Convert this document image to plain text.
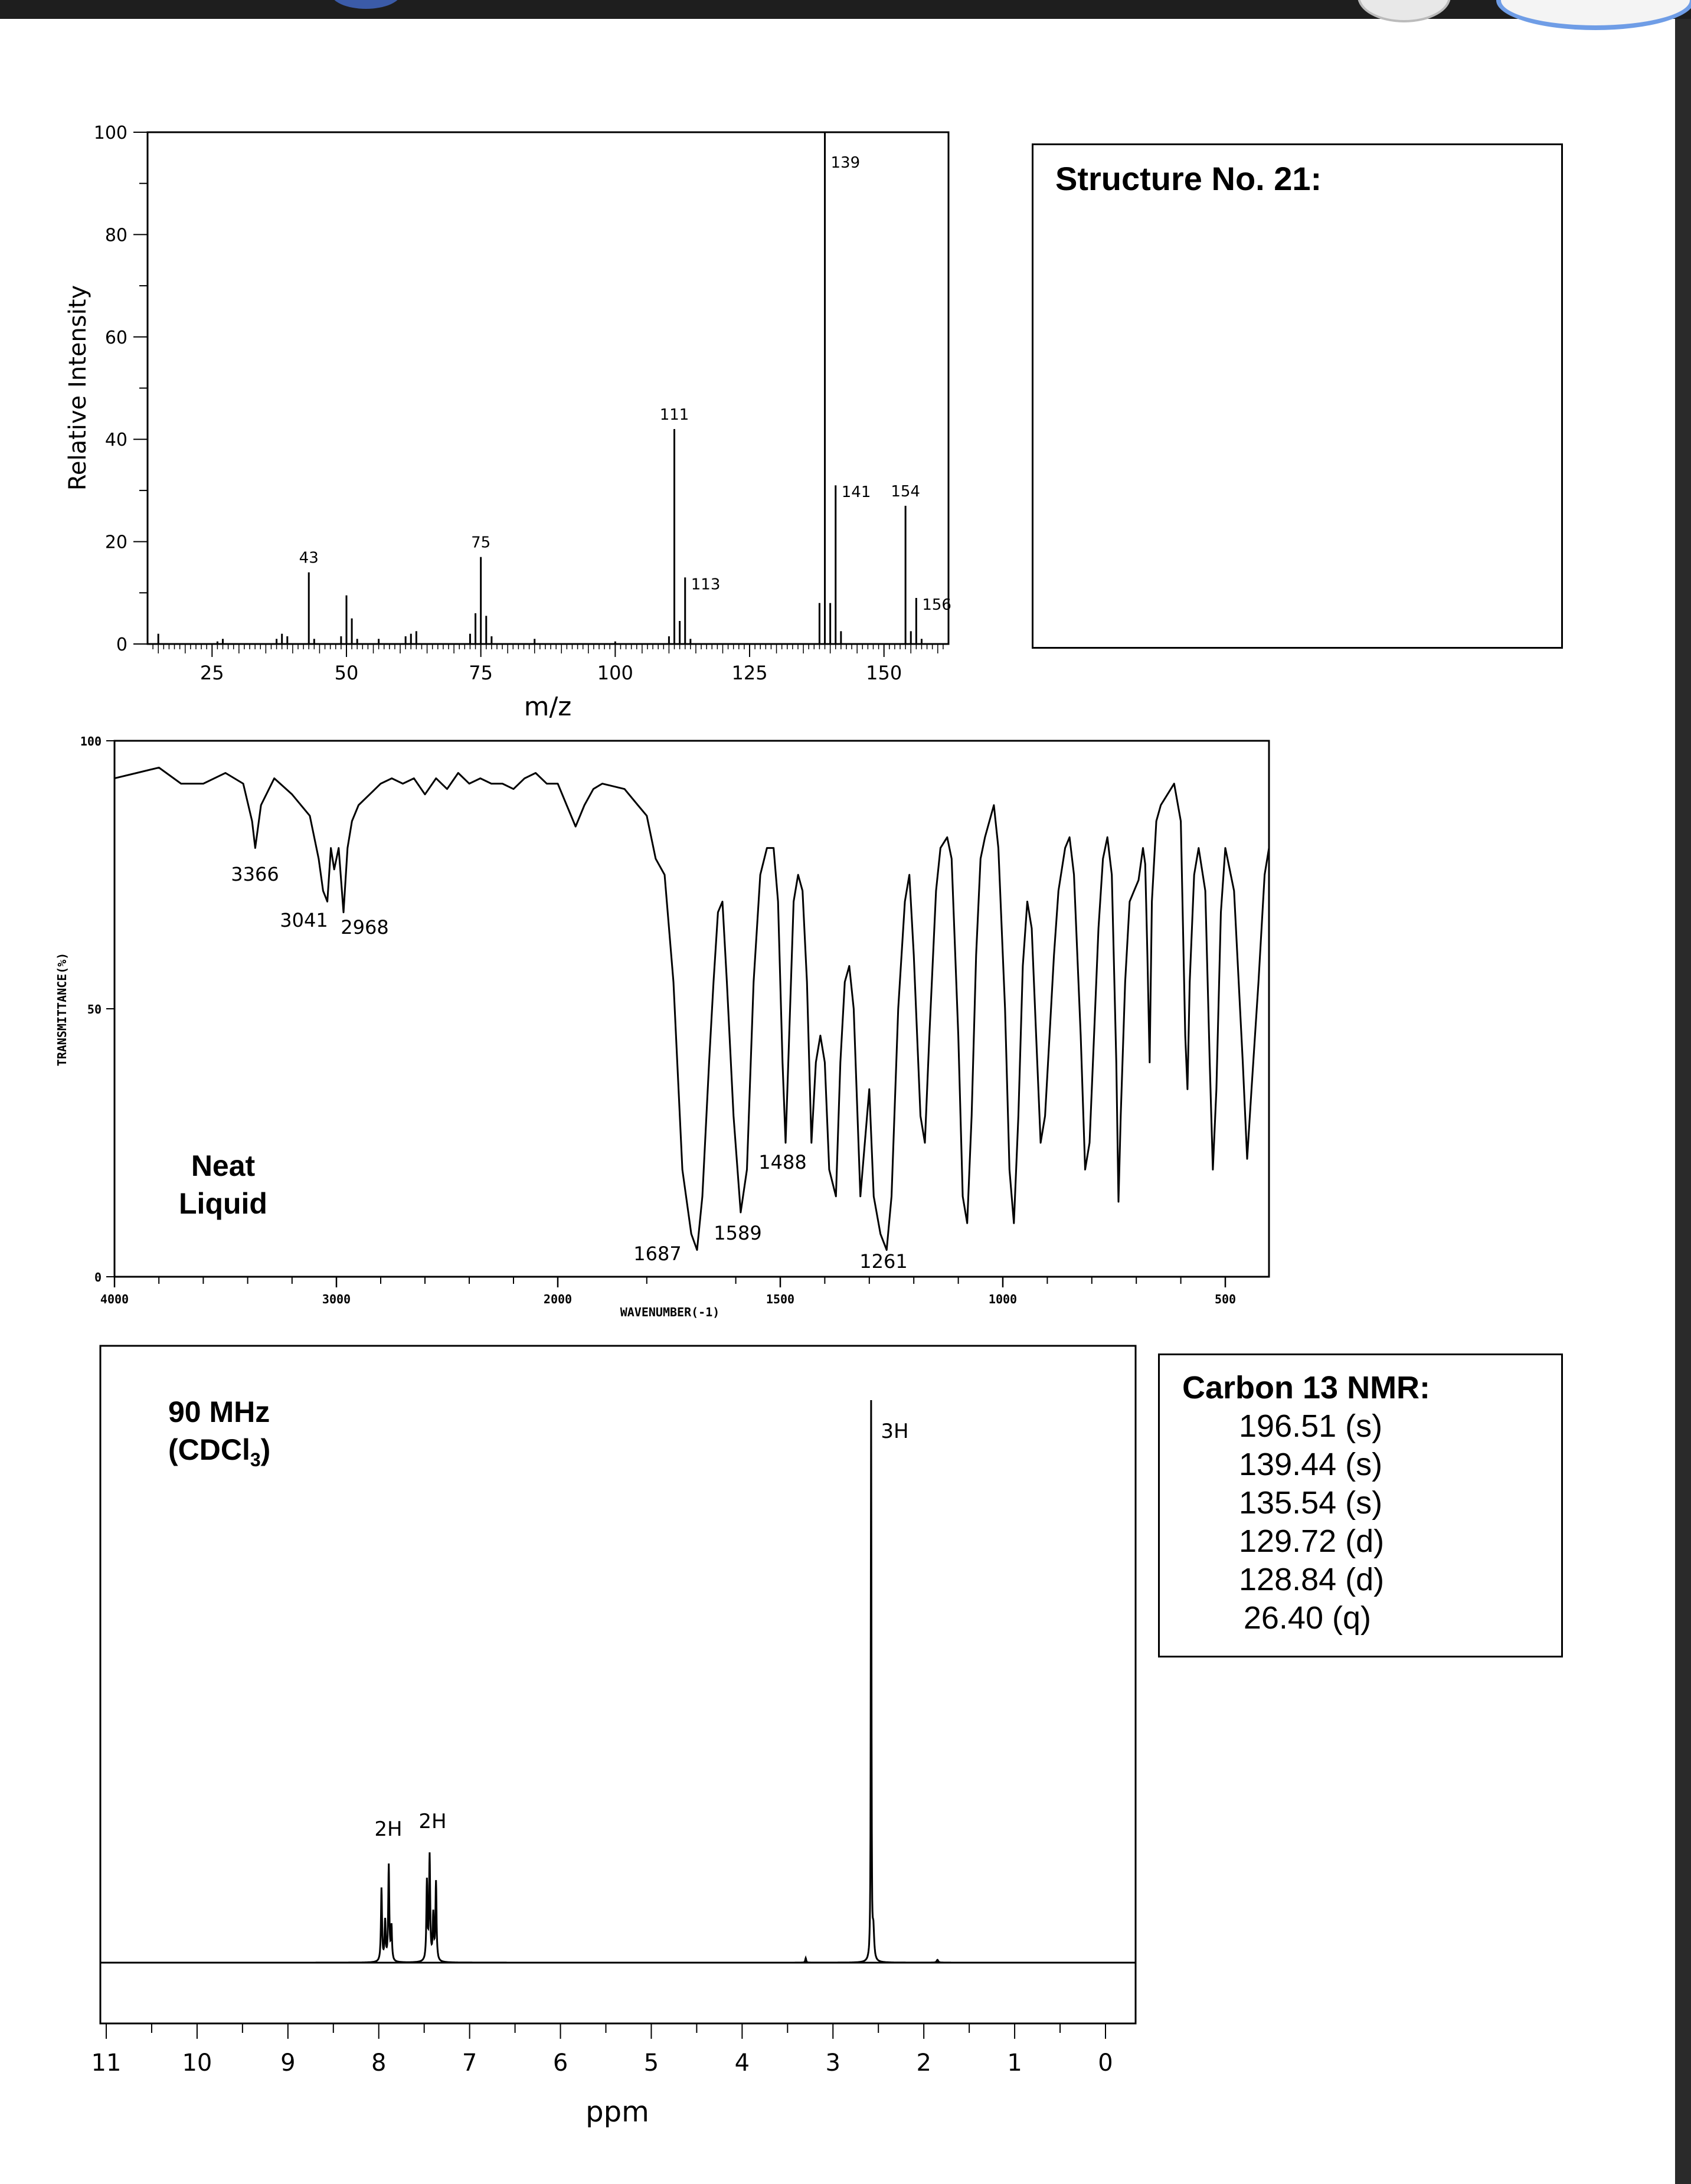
25	50	75	100	125	150
0
20
40
60
80
100
m/z
Relative Intensity
43
75
111
113
139
141 154
156
4000	3000	2000	1500	1000	500
0
50
100
WAVENUMBER(-1)
TRANSMITTANCE(%)
3366
3041 2968
1687
1589
1488
1261
11	10	9	8	7	6	5	4	3	2	1	0
ppm
2H 2H
3H
Neat
Liquid
90 MHz
(CDCl$_3$)
Structure No. 21:
Carbon 13 NMR:
196.51 (s)
139.44 (s)
135.54 (s)
129.72 (d)
128.84 (d)
26.40 (q)
